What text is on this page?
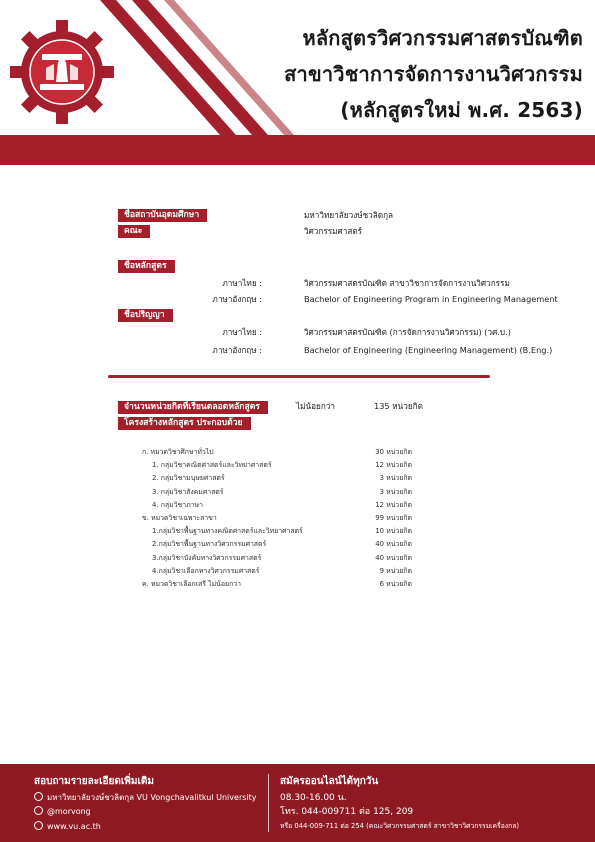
หลักสูตรวิศวกรรมศาสตรบัณฑิต
สาขาวิชาการจัดการงานวิศวกรรม
(หลักสูตรใหม่ พ.ศ. 2563)
ชื่อสถาบันอุดมศึกษา	มหาวิทยาลัยวงษ์ชวลิตกุล
คณะ	วิศวกรรมศาสตร์
ชื่อหลักสูตร
ภาษาไทย :	วิศวกรรมศาสตรบัณฑิต สาขาวิชาการจัดการงานวิศวกรรม
ภาษาอังกฤษ :	Bachelor of Engineering Program in Engineering Management
ชื่อปริญญา
ภาษาไทย :	วิศวกรรมศาสตรบัณฑิต (การจัดการงานวิศวกรรม) (วศ.บ.)
ภาษาอังกฤษ :	Bachelor of Engineering (Engineering Management) (B.Eng.)
จำนวนหน่วยกิตที่เรียนตลอดหลักสูตร	ไม่น้อยกว่า	135 หน่วยกิต
โครงสร้างหลักสูตร ประกอบด้วย
ก. หมวดวิชาศึกษาทั่วไป	30 หน่วยกิต
1. กลุ่มวิชาคณิตศาสตร์และวิทยาศาสตร์	12 หน่วยกิต
2. กลุ่มวิชามนุษยศาสตร์	3 หน่วยกิต
3. กลุ่มวิชาสังคมศาสตร์	3 หน่วยกิต
4. กลุ่มวิชาภาษา	12 หน่วยกิต
ข. หมวดวิชาเฉพาะสาขา	99 หน่วยกิต
1.กลุ่มวิชาพื้นฐานทางคณิตศาสตร์และวิทยาศาสตร์	10 หน่วยกิต
2.กลุ่มวิชาพื้นฐานทางวิศวกรรมศาสตร์	40 หน่วยกิต
3.กลุ่มวิชาบังคับทางวิศวกรรมศาสตร์	40 หน่วยกิต
4.กลุ่มวิชาเลือกทางวิศวกรรมศาสตร์	9 หน่วยกิต
ค. หมวดวิชาเลือกเสรี ไม่น้อยกว่า	6 หน่วยกิต
สอบถามรายละเอียดเพิ่มเติม
มหาวิทยาลัยวงษ์ชวลิตกุล VU Vongchavalitkul University
@morvong
www.vu.ac.th
สมัครออนไลน์ได้ทุกวัน
08.30-16.00 น.
โทร. 044-009711 ต่อ 125, 209
หรือ 044-009-711 ต่อ 254 (คณะวิศวกรรมศาสตร์ สาขาวิชาวิศวกรรมเครื่องกล)
